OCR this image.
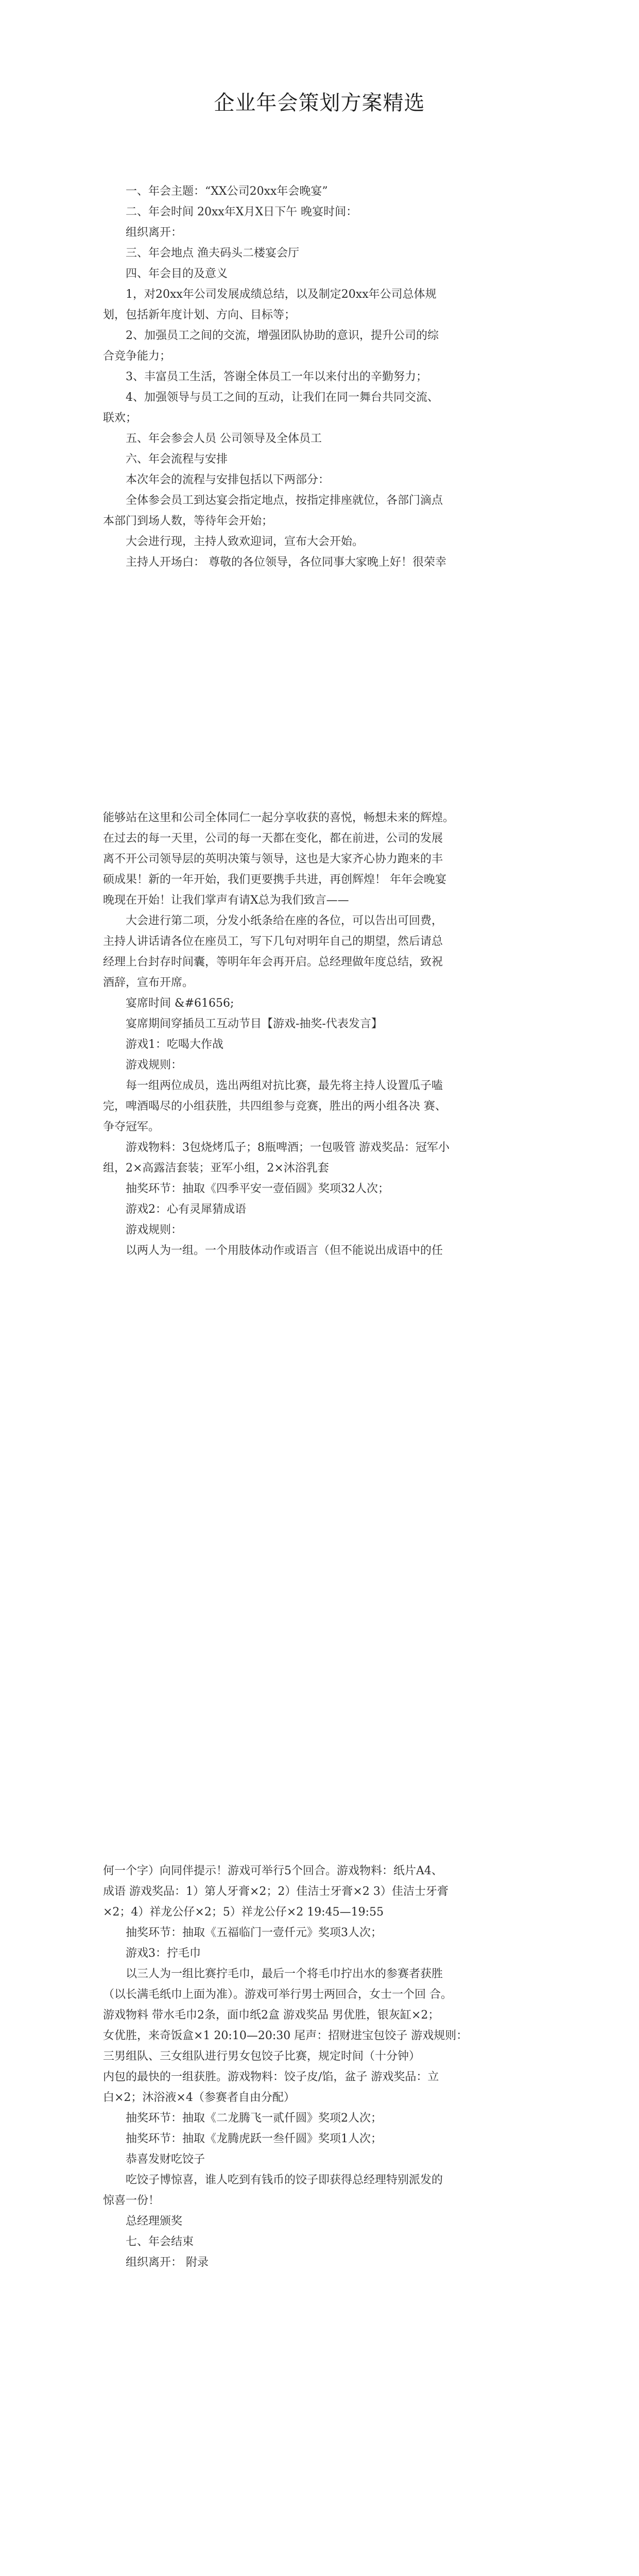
企业年会策划方案精选

一、年会主题：“XX公司20xx年会晚宴”

二、年会时间 20xx年X月X日下午 晚宴时间：

组织离开：

三、年会地点 渔夫码头二楼宴会厅

四、年会目的及意义

1，对20xx年公司发展成绩总结，以及制定20xx年公司总体规

划，包括新年度计划、方向、目标等；

2、加强员工之间的交流，增强团队协助的意识，提升公司的综

合竞争能力；

3、丰富员工生活，答谢全体员工一年以来付出的辛勤努力；

4、加强领导与员工之间的互动，让我们在同一舞台共同交流、

联欢；

五、年会参会人员 公司领导及全体员工

六、年会流程与安排

本次年会的流程与安排包括以下两部分：

全体参会员工到达宴会指定地点，按指定排座就位，各部门滴点

本部门到场人数，等待年会开始；

大会进行现，主持人致欢迎词，宣布大会开始。

主持人开场白： 尊敬的各位领导，各位同事大家晚上好！很荣幸

能够站在这里和公司全体同仁一起分享收获的喜悦，畅想未来的辉煌。

在过去的每一天里，公司的每一天都在变化，都在前进，公司的发展

离不开公司领导层的英明决策与领导，这也是大家齐心协力跑来的丰

硕成果！新的一年开始，我们更要携手共进，再创辉煌！ 年年会晚宴

晚现在开始！让我们掌声有请X总为我们致言——

大会进行第二项，分发小纸条给在座的各位，可以告出可回费，

主持人讲话请各位在座员工，写下几句对明年自己的期望，然后请总

经理上台封存时间囊，等明年年会再开启。总经理做年度总结，致祝

酒辞，宣布开席。

宴席时间 &#61656;

宴席期间穿插员工互动节目【游戏-抽奖-代表发言】

游戏1：吃喝大作战

游戏规则：

每一组两位成员，选出两组对抗比赛，最先将主持人设置瓜子嗑

完，啤酒喝尽的小组获胜，共四组参与竞赛，胜出的两小组各决 赛、

争夺冠军。

游戏物料：3包烧烤瓜子；8瓶啤酒；一包吸管 游戏奖品：冠军小

组，2×高露洁套装；亚军小组，2×沐浴乳套

抽奖环节：抽取《四季平安一壹佰圆》奖项32人次；

游戏2：心有灵犀猜成语

游戏规则：

以两人为一组。一个用肢体动作或语言（但不能说出成语中的任

何一个字）向同伴提示！游戏可举行5个回合。游戏物料：纸片A4、

成语 游戏奖品：1）第人牙膏×2；2）佳洁士牙膏×2 3）佳洁士牙膏

×2；4）祥龙公仔×2；5）祥龙公仔×2 19:45—19:55

抽奖环节：抽取《五福临门一壹仟元》奖项3人次；

游戏3：拧毛巾

以三人为一组比赛拧毛巾，最后一个将毛巾拧出水的参赛者获胜

（以长满毛纸巾上面为准）。游戏可举行男士两回合，女士一个回 合。

游戏物料 带水毛巾2条，面巾纸2盒 游戏奖品 男优胜，银灰缸×2；

女优胜，来奇饭盒×1 20:10—20:30 尾声：招财进宝包饺子 游戏规则：

三男组队、三女组队进行男女包饺子比赛，规定时间（十分钟）

内包的最快的一组获胜。游戏物料：饺子皮/馅，盆子 游戏奖品：立

白×2；沐浴液×4（参赛者自由分配）

抽奖环节：抽取《二龙腾飞一贰仟圆》奖项2人次；

抽奖环节：抽取《龙腾虎跃一叁仟圆》奖项1人次；

恭喜发财吃饺子

吃饺子博惊喜，谁人吃到有钱币的饺子即获得总经理特别派发的

惊喜一份！

总经理颁奖

七、年会结束

组织离开： 附录
